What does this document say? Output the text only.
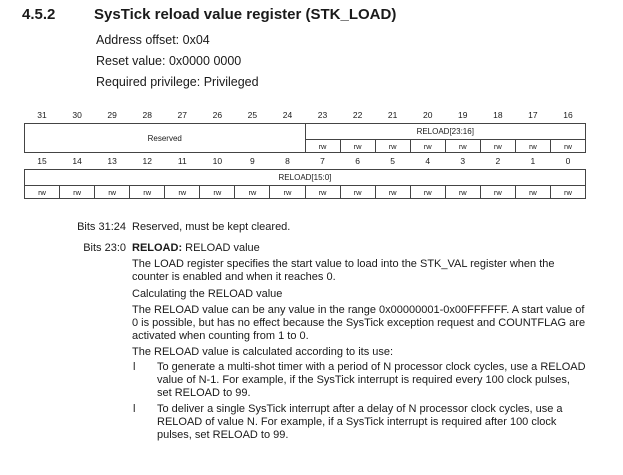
4.5.2	SysTick reload value register (STK_LOAD)
Address offset: 0x04
Reset value: 0x0000 0000
Required privilege: Privileged
31	30	29	28	27	26	25	24	23	22	21	20	19	18	17	16
Reserved								RELOAD[23:16]							
								rw	rw	rw	rw	rw	rw	rw	rw
15	14	13	12	11	10	9	8	7	6	5	4	3	2	1	0
RELOAD[15:0]															
rw	rw	rw	rw	rw	rw	rw	rw	rw	rw	rw	rw	rw	rw	rw	rw
Bits 31:24 Reserved, must be kept cleared.
Bits 23:0 RELOAD: RELOAD value
The LOAD register specifies the start value to load into the STK_VAL register when the counter is enabled and when it reaches 0.
Calculating the RELOAD value
The RELOAD value can be any value in the range 0x00000001-0x00FFFFFF. A start value of 0 is possible, but has no effect because the SysTick exception request and COUNTFLAG are activated when counting from 1 to 0.
The RELOAD value is calculated according to its use:
l To generate a multi-shot timer with a period of N processor clock cycles, use a RELOAD value of N-1. For example, if the SysTick interrupt is required every 100 clock pulses, set RELOAD to 99.
l To deliver a single SysTick interrupt after a delay of N processor clock cycles, use a RELOAD of value N. For example, if a SysTick interrupt is required after 100 clock pulses, set RELOAD to 99.
